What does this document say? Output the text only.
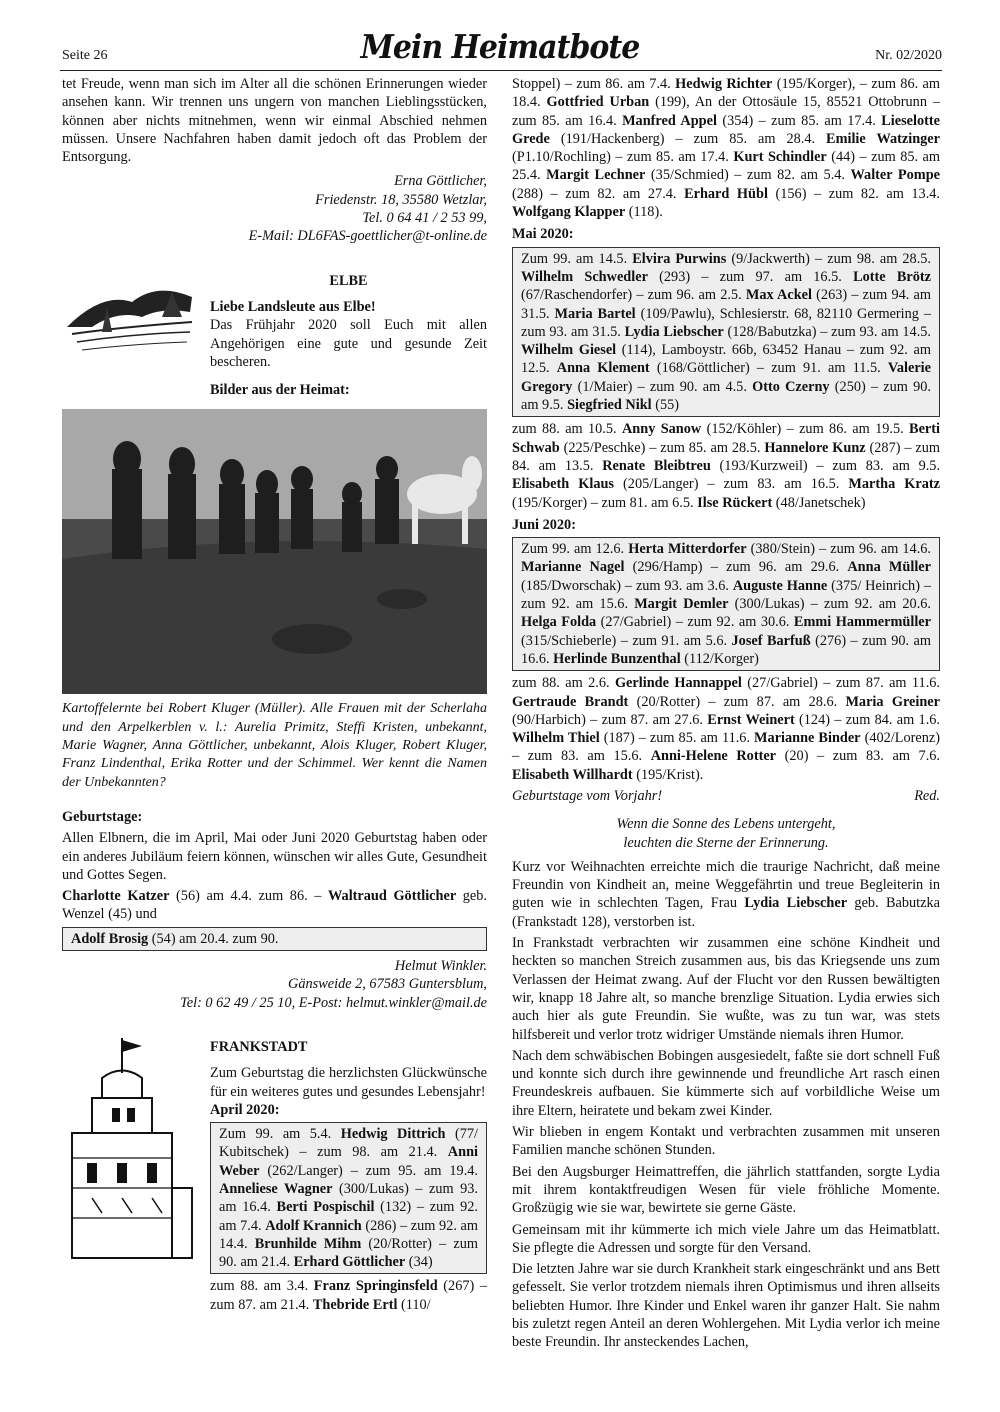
Seite 26	Mein Heimatbote	Nr. 02/2020

tet Freude, wenn man sich im Alter all die schönen Erinnerungen wieder ansehen kann. Wir trennen uns ungern von manchen Lieblingsstücken, können aber nichts mitnehmen, wenn wir einmal Abschied nehmen müssen. Unsere Nachfahren haben damit jedoch oft das Problem der Entsorgung.

Erna Göttlicher,
Friedenstr. 18, 35580 Wetzlar,
Tel. 0 64 41 / 2 53 99,
E-Mail: DL6FAS-goettlicher@t-online.de

ELBE

Liebe Landsleute aus Elbe!

Das Frühjahr 2020 soll Euch mit allen Angehörigen eine gute und gesunde Zeit bescheren.

Bilder aus der Heimat:

Kartoffelernte bei Robert Kluger (Müller). Alle Frauen mit der Scherlaha und den Arpelkerblen v. l.: Aurelia Primitz, Steffi Kristen, unbekannt, Marie Wagner, Anna Göttlicher, unbekannt, Alois Kluger, Robert Kluger, Franz Lindenthal, Erika Rotter und der Schimmel. Wer kennt die Namen der Unbekannten?

Geburtstage:

Allen Elbnern, die im April, Mai oder Juni 2020 Geburtstag haben oder ein anderes Jubiläum feiern können, wünschen wir alles Gute, Gesundheit und Gottes Segen.

Charlotte Katzer (56) am 4.4. zum 86. – Waltraud Göttlicher geb. Wenzel (45) und

Adolf Brosig (54) am 20.4. zum 90.
Helmut Winkler.
Gänsweide 2, 67583 Guntersblum,
Tel: 0 62 49 / 25 10, E-Post: helmut.winkler@mail.de

FRANKSTADT

Zum Geburtstag die herzlichsten Glückwünsche für ein weiteres gutes und gesundes Lebensjahr!

April 2020:

Zum 99. am 5.4. Hedwig Dittrich (77/ Kubitschek) – zum 98. am 21.4. Anni Weber (262/Langer) – zum 95. am 19.4. Anneliese Wagner (300/Lukas) – zum 93. am 16.4. Berti Pospischil (132) – zum 92. am 7.4. Adolf Krannich (286) – zum 92. am 14.4. Brunhilde Mihm (20/Rotter) – zum 90. am 21.4. Erhard Göttlicher (34)

zum 88. am 3.4. Franz Springinsfeld (267) – zum 87. am 21.4. Thebride Ertl (110/

Stoppel) – zum 86. am 7.4. Hedwig Richter (195/Korger), – zum 86. am 18.4. Gottfried Urban (199), An der Ottosäule 15, 85521 Ottobrunn – zum 85. am 16.4. Manfred Appel (354) – zum 85. am 17.4. Lieselotte Grede (191/Hackenberg) – zum 85. am 28.4. Emilie Watzinger (P1.10/Rochling) – zum 85. am 17.4. Kurt Schindler (44) – zum 85. am 25.4. Margit Lechner (35/Schmied) – zum 82. am 5.4. Walter Pompe (288) – zum 82. am 27.4. Erhard Hübl (156) – zum 82. am 13.4. Wolfgang Klapper (118).

Mai 2020:

Zum 99. am 14.5. Elvira Purwins (9/Jackwerth) – zum 98. am 28.5. Wilhelm Schwedler (293) – zum 97. am 16.5. Lotte Brötz (67/Raschendorfer) – zum 96. am 2.5. Max Ackel (263) – zum 94. am 31.5. Maria Bartel (109/Pawlu), Schlesierstr. 68, 82110 Germering – zum 93. am 31.5. Lydia Liebscher (128/Babutzka) – zum 93. am 14.5. Wilhelm Giesel (114), Lamboystr. 66b, 63452 Hanau – zum 92. am 12.5. Anna Klement (168/Göttlicher) – zum 91. am 11.5. Valerie Gregory (1/Maier) – zum 90. am 4.5. Otto Czerny (250) – zum 90. am 9.5. Siegfried Nikl (55)

zum 88. am 10.5. Anny Sanow (152/Köhler) – zum 86. am 19.5. Berti Schwab (225/Peschke) – zum 85. am 28.5. Hannelore Kunz (287) – zum 84. am 13.5. Renate Bleibtreu (193/Kurzweil) – zum 83. am 9.5. Elisabeth Klaus (205/Langer) – zum 83. am 16.5. Martha Kratz (195/Korger) – zum 81. am 6.5. Ilse Rückert (48/Janetschek)

Juni 2020:

Zum 99. am 12.6. Herta Mitterdorfer (380/Stein) – zum 96. am 14.6. Marianne Nagel (296/Hamp) – zum 96. am 29.6. Anna Müller (185/Dworschak) – zum 93. am 3.6. Auguste Hanne (375/ Heinrich) – zum 92. am 15.6. Margit Demler (300/Lukas) – zum 92. am 20.6. Helga Folda (27/Gabriel) – zum 92. am 30.6. Emmi Hammermüller (315/Schieberle) – zum 91. am 5.6. Josef Barfuß (276) – zum 90. am 16.6. Herlinde Bunzenthal (112/Korger)

zum 88. am 2.6. Gerlinde Hannappel (27/Gabriel) – zum 87. am 11.6. Gertraude Brandt (20/Rotter) – zum 87. am 28.6. Maria Greiner (90/Harbich) – zum 87. am 27.6. Ernst Weinert (124) – zum 84. am 1.6. Wilhelm Thiel (187) – zum 85. am 11.6. Marianne Binder (402/Lorenz) – zum 83. am 15.6. Anni-Helene Rotter (20) – zum 83. am 7.6. Elisabeth Willhardt (195/Krist).

Geburtstage vom Vorjahr!	Red.
Wenn die Sonne des Lebens untergeht,
leuchten die Sterne der Erinnerung.

Kurz vor Weihnachten erreichte mich die traurige Nachricht, daß meine Freundin von Kindheit an, meine Weggefährtin und treue Begleiterin in guten wie in schlechten Tagen, Frau Lydia Liebscher geb. Babutzka (Frankstadt 128), verstorben ist.

In Frankstadt verbrachten wir zusammen eine schöne Kindheit und heckten so manchen Streich zusammen aus, bis das Kriegsende uns zum Verlassen der Heimat zwang. Auf der Flucht vor den Russen bewältigten wir, knapp 18 Jahre alt, so manche brenzlige Situation. Lydia erwies sich auch hier als gute Freundin. Sie wußte, was zu tun war, was stets hilfsbereit und verlor trotz widriger Umstände niemals ihren Humor.

Nach dem schwäbischen Bobingen ausgesiedelt, faßte sie dort schnell Fuß und konnte sich durch ihre gewinnende und freundliche Art rasch einen Freundeskreis aufbauen. Sie kümmerte sich auf vorbildliche Weise um ihre Eltern, heiratete und bekam zwei Kinder.

Wir blieben in engem Kontakt und verbrachten zusammen mit unseren Familien manche schönen Stunden.

Bei den Augsburger Heimattreffen, die jährlich stattfanden, sorgte Lydia mit ihrem kontaktfreudigen Wesen für viele fröhliche Momente. Großzügig wie sie war, bewirtete sie gerne Gäste.

Gemeinsam mit ihr kümmerte ich mich viele Jahre um das Heimatblatt. Sie pflegte die Adressen und sorgte für den Versand.

Die letzten Jahre war sie durch Krankheit stark eingeschränkt und ans Bett gefesselt. Sie verlor trotzdem niemals ihren Optimismus und ihren allseits beliebten Humor. Ihre Kinder und Enkel waren ihr ganzer Halt. Sie nahm bis zuletzt regen Anteil an deren Wohlergehen. Mit Lydia verlor ich meine beste Freundin. Ihr ansteckendes Lachen,
